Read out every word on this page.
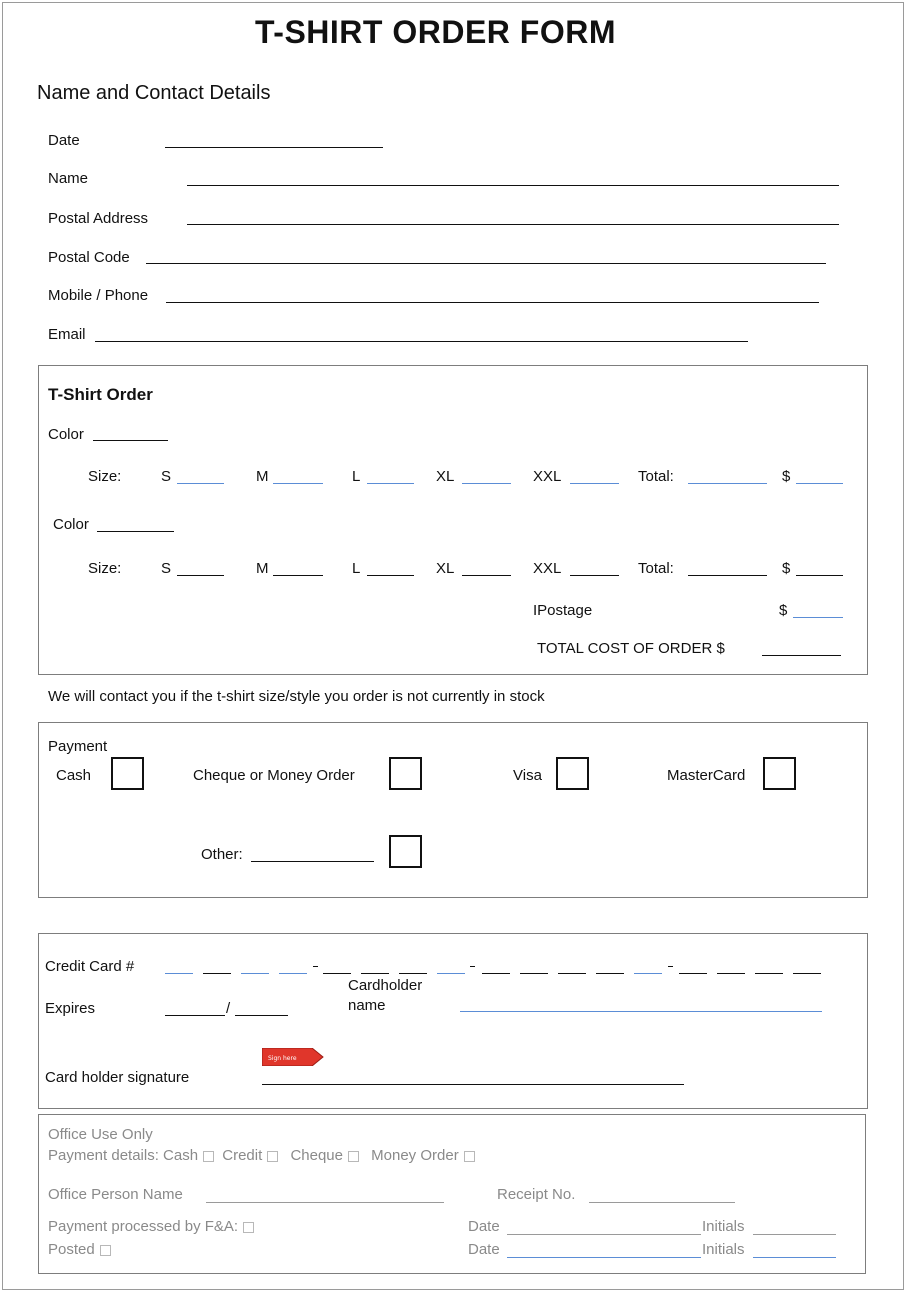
T-SHIRT ORDER FORM
Name and Contact Details
Date
Name
Postal Address
Postal Code
Mobile / Phone
Email
T-Shirt Order
Color
Size:	S	M	L	XL	XXL	Total:	$
Color
Size:	S	M	L	XL	XXL	Total:	$
IPostage	$
TOTAL COST OF ORDER $
We will contact you if the t-shirt size/style you order is not currently in stock
Payment
Cash	Cheque or Money Order	Visa	MasterCard
Other:
Credit Card #
Expires	/
Cardholder
name
Sign here
Card holder signature
Office Use Only
Payment details: Cash Credit Cheque Money Order
Office Person Name	Receipt No.
Payment processed by F&A:	Date	Initials
Posted	Date	Initials
